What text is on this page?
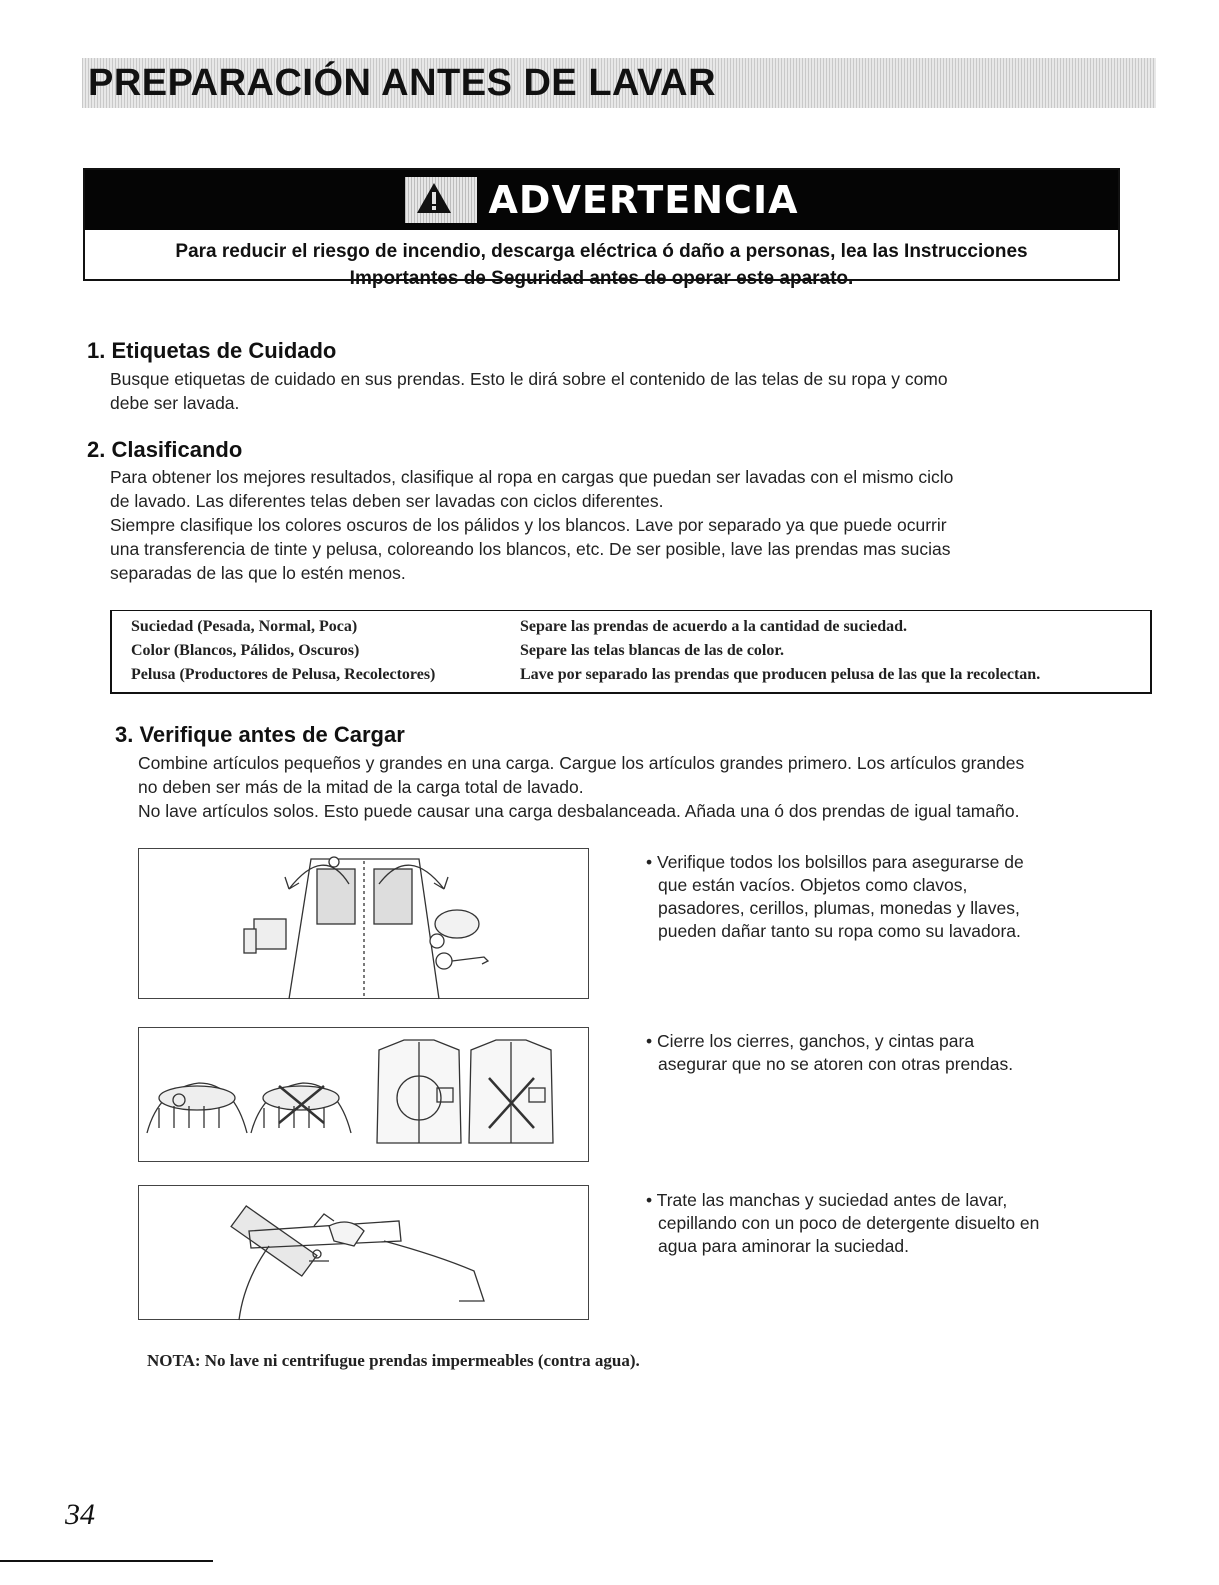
PREPARACIÓN ANTES DE LAVAR
ADVERTENCIA
Para reducir el riesgo de incendio, descarga eléctrica ó daño a personas, lea las Instrucciones
Importantes de Seguridad antes de operar este aparato.
1. Etiquetas de Cuidado
Busque etiquetas de cuidado en sus prendas. Esto le dirá sobre el contenido de las telas de su ropa y como
debe ser lavada.
2. Clasificando
Para obtener los mejores resultados, clasifique al ropa en cargas que puedan ser lavadas con el mismo ciclo
de lavado. Las diferentes telas deben ser lavadas con ciclos diferentes.
Siempre clasifique los colores oscuros de los pálidos y los blancos. Lave por separado ya que puede ocurrir
una transferencia de tinte y pelusa, coloreando los blancos, etc. De ser posible, lave las prendas mas sucias
separadas de las que lo estén menos.
Suciedad (Pesada, Normal, Poca)	Separe las prendas de acuerdo a la cantidad de suciedad.
Color (Blancos, Pálidos, Oscuros)	Separe las telas blancas de las de color.
Pelusa (Productores de Pelusa, Recolectores)	Lave por separado las prendas que producen pelusa de las que la recolectan.
3. Verifique antes de Cargar
Combine artículos pequeños y grandes en una carga. Cargue los artículos grandes primero. Los artículos grandes
no deben ser más de la mitad de la carga total de lavado.
No lave artículos solos. Esto puede causar una carga desbalanceada. Añada una ó dos prendas de igual tamaño.
• Verifique todos los bolsillos para asegurarse de
que están vacíos. Objetos como clavos,
pasadores, cerillos, plumas, monedas y llaves,
pueden dañar tanto su ropa como su lavadora.
• Cierre los cierres, ganchos, y cintas para
asegurar que no se atoren con otras prendas.
• Trate las manchas y suciedad antes de lavar,
cepillando con un poco de detergente disuelto en
agua para aminorar la suciedad.

NOTA: No lave ni centrifugue prendas impermeables (contra agua).

34
